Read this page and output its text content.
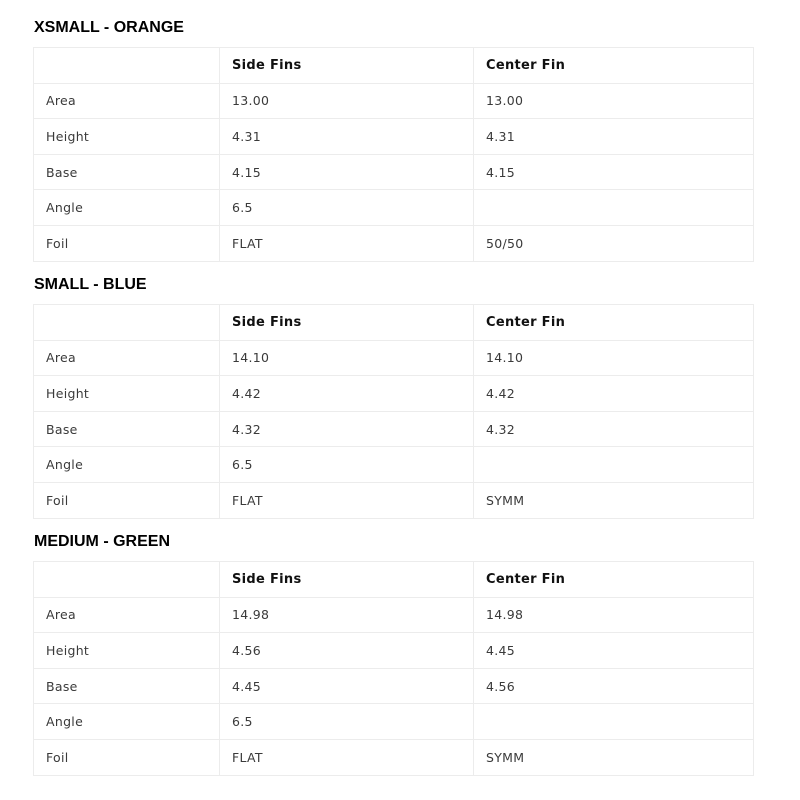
XSMALL - ORANGE
	Side Fins	Center Fin
Area	13.00	13.00
Height	4.31	4.31
Base	4.15	4.15
Angle	6.5	
Foil	FLAT	50/50
SMALL - BLUE
	Side Fins	Center Fin
Area	14.10	14.10
Height	4.42	4.42
Base	4.32	4.32
Angle	6.5	
Foil	FLAT	SYMM
MEDIUM - GREEN
	Side Fins	Center Fin
Area	14.98	14.98
Height	4.56	4.45
Base	4.45	4.56
Angle	6.5	
Foil	FLAT	SYMM
